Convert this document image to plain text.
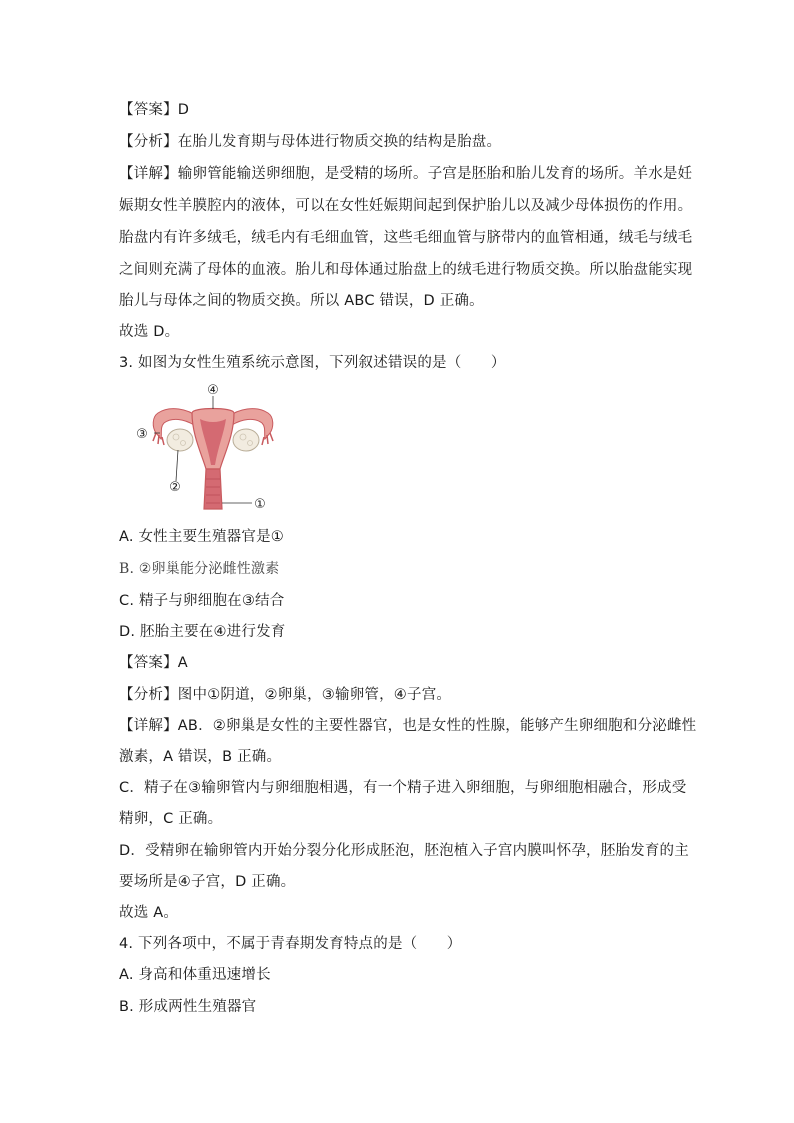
【答案】D
【分析】在胎儿发育期与母体进行物质交换的结构是胎盘。
【详解】输卵管能输送卵细胞，是受精的场所。子宫是胚胎和胎儿发育的场所。羊水是妊
娠期女性羊膜腔内的液体，可以在女性妊娠期间起到保护胎儿以及减少母体损伤的作用。
胎盘内有许多绒毛，绒毛内有毛细血管，这些毛细血管与脐带内的血管相通，绒毛与绒毛
之间则充满了母体的血液。胎儿和母体通过胎盘上的绒毛进行物质交换。所以胎盘能实现
胎儿与母体之间的物质交换。所以 ABC 错误，D 正确。
故选 D。
3. 如图为女性生殖系统示意图，下列叙述错误的是（　　）
④
③
②
①
A. 女性主要生殖器官是①
B. ②卵巢能分泌雌性激素
C. 精子与卵细胞在③结合
D. 胚胎主要在④进行发育
【答案】A
【分析】图中①阴道，②卵巢，③输卵管，④子宫。
【详解】AB．②卵巢是女性的主要性器官，也是女性的性腺，能够产生卵细胞和分泌雌性
激素，A 错误，B 正确。
C．精子在③输卵管内与卵细胞相遇，有一个精子进入卵细胞，与卵细胞相融合，形成受
精卵，C 正确。
D．受精卵在输卵管内开始分裂分化形成胚泡，胚泡植入子宫内膜叫怀孕，胚胎发育的主
要场所是④子宫，D 正确。
故选 A。
4. 下列各项中，不属于青春期发育特点的是（　　）
A. 身高和体重迅速增长
B. 形成两性生殖器官
